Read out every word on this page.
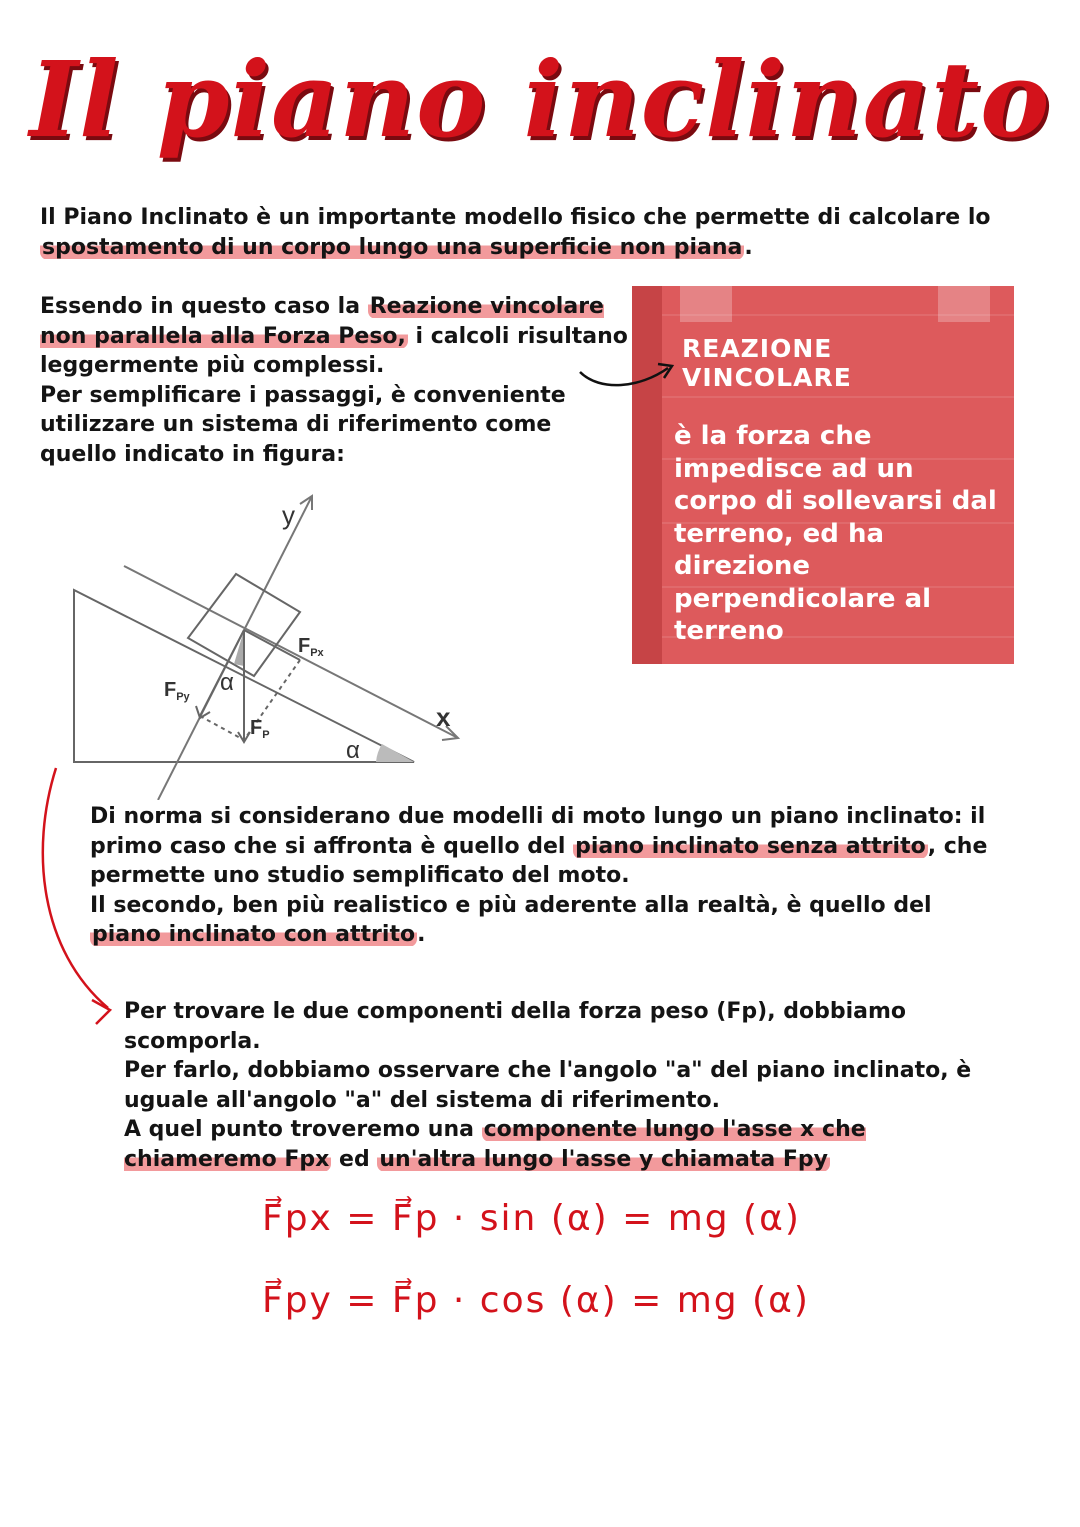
Il piano inclinato

Il Piano Inclinato è un importante modello fisico che permette di calcolare lo spostamento di un corpo lungo una superficie non piana.

Essendo in questo caso la Reazione vincolare non parallela alla Forza Peso, i calcoli risultano leggermente più complessi.
Per semplificare i passaggi, è conveniente utilizzare un sistema di riferimento come quello indicato in figura:

REAZIONE VINCOLARE

è la forza che impedisce ad un corpo di sollevarsi dal terreno, ed ha direzione perpendicolare al terreno

y
x
α
α
$F_{Px}$
$F_{Py}$
$F_P$
Di norma si considerano due modelli di moto lungo un piano inclinato: il primo caso che si affronta è quello del piano inclinato senza attrito, che permette uno studio semplificato del moto.
Il secondo, ben più realistico e più aderente alla realtà, è quello del piano inclinato con attrito.
Per trovare le due componenti della forza peso (Fp), dobbiamo scomporla.
Per farlo, dobbiamo osservare che l'angolo "a" del piano inclinato, è uguale all'angolo "a" del sistema di riferimento.
A quel punto troveremo una componente lungo l'asse x che chiameremo Fpx ed un'altra lungo l'asse y chiamata Fpy

F⃗px = F⃗p · sin (α) = mg (α)

F⃗py = F⃗p · cos (α) = mg (α)
